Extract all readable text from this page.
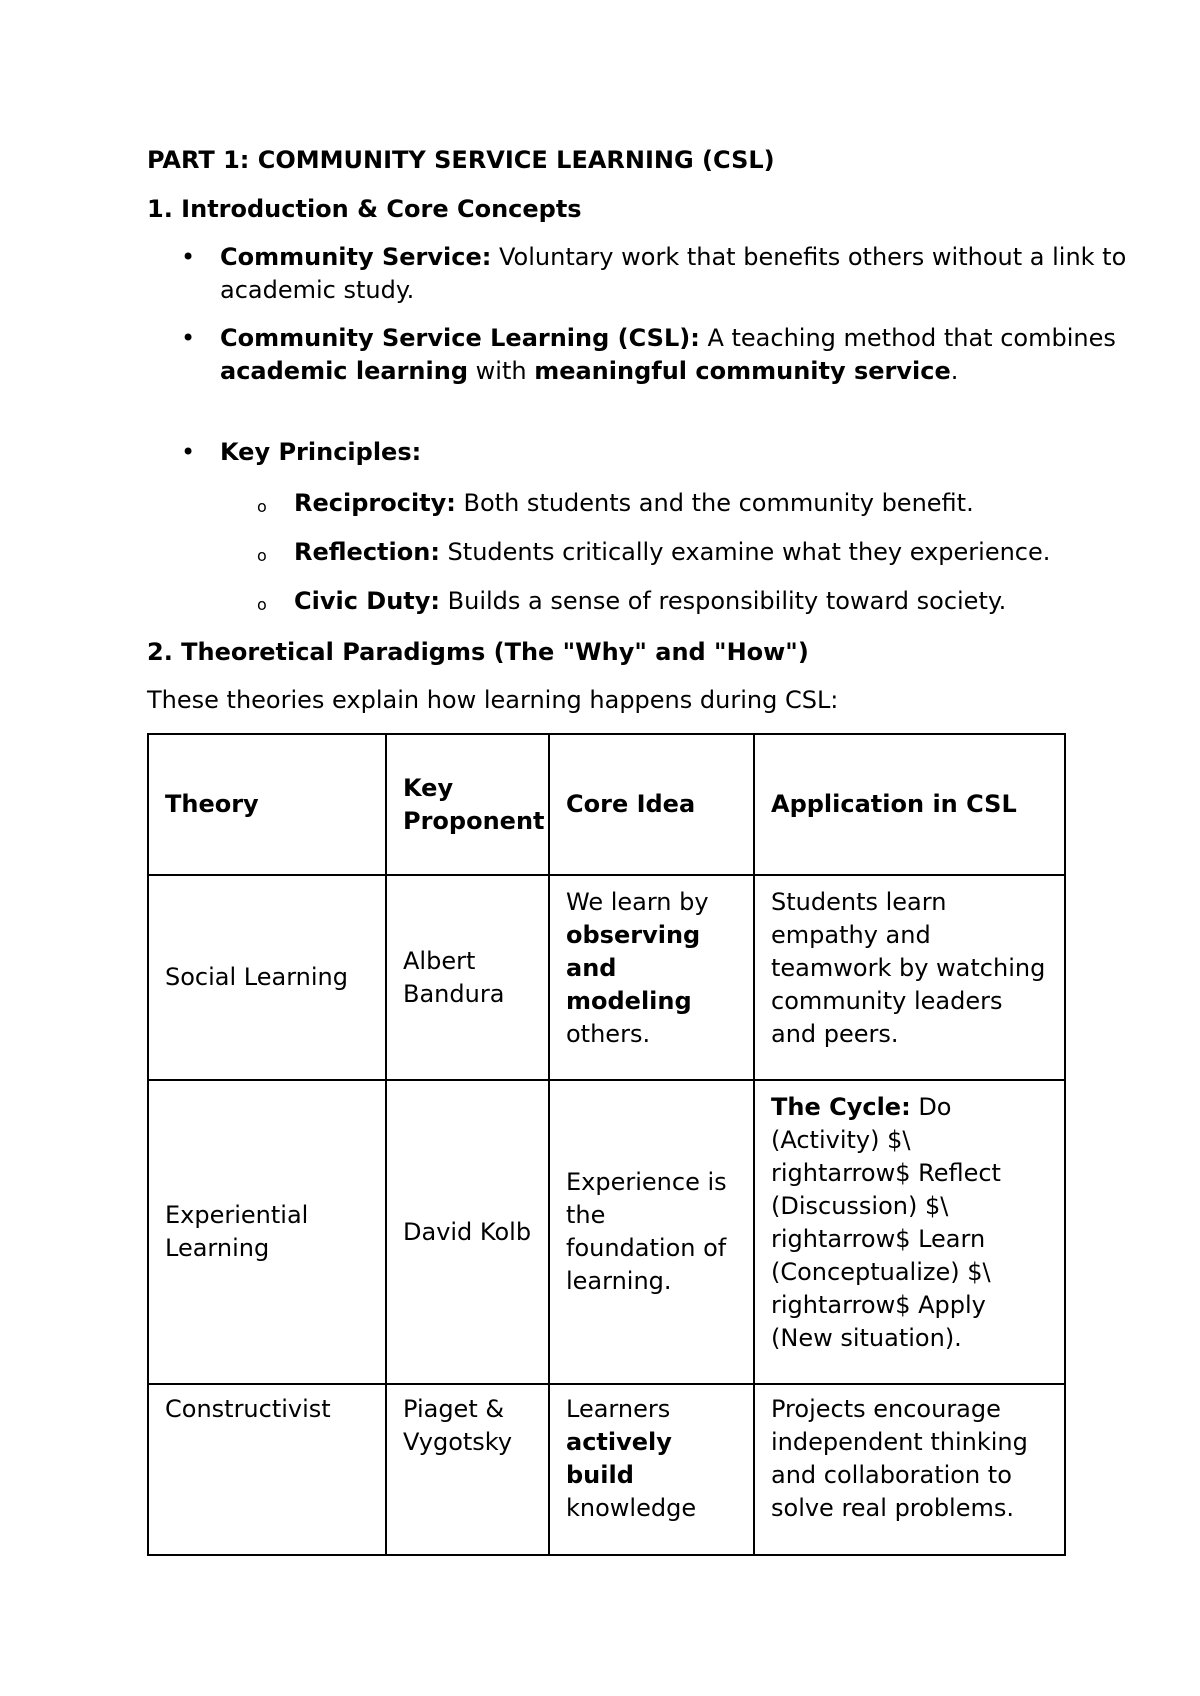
PART 1: COMMUNITY SERVICE LEARNING (CSL)

1. Introduction & Core Concepts

• Community Service: Voluntary work that benefits others without a link to academic study.
• Community Service Learning (CSL): A teaching method that combines academic learning with meaningful community service.
• Key Principles:
o Reciprocity: Both students and the community benefit.
o Reflection: Students critically examine what they experience.
o Civic Duty: Builds a sense of responsibility toward society.

2. Theoretical Paradigms (The "Why" and "How")

These theories explain how learning happens during CSL:

Theory	Key Proponent	Core Idea	Application in CSL
Social Learning	Albert Bandura	We learn by observing and modeling others.	Students learn empathy and teamwork by watching community leaders and peers.
Experiential Learning	David Kolb	Experience is the foundation of learning.	The Cycle: Do (Activity) $\ rightarrow$ Reflect (Discussion) $\ rightarrow$ Learn (Conceptualize) $\ rightarrow$ Apply (New situation).
Constructivist	Piaget & Vygotsky	Learners actively build knowledge	Projects encourage independent thinking and collaboration to solve real problems.
